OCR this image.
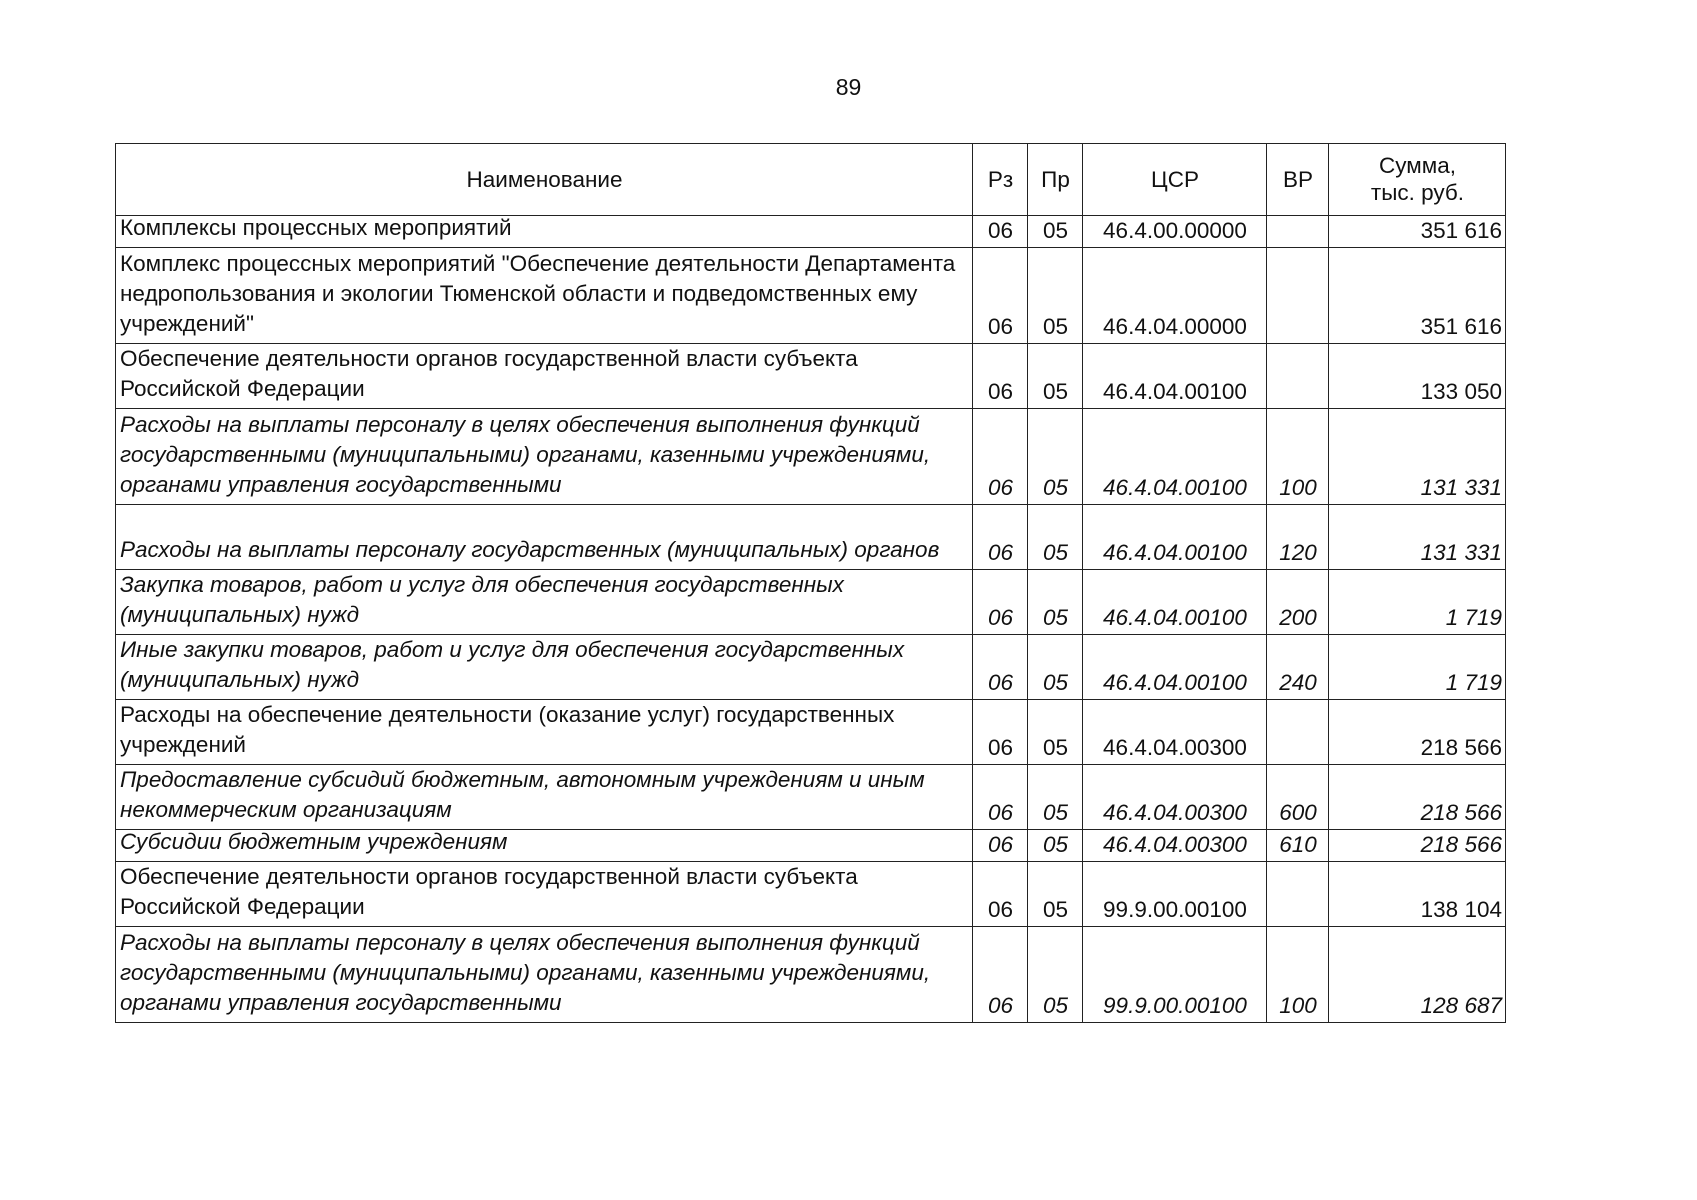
89
Наименование	Рз	Пр	ЦСР	ВР	Сумма,
тыс. руб.

Комплексы процессных мероприятий	06	05	46.4.00.00000		351 616

Комплекс процессных мероприятий "Обеспечение деятельности Департамента недропользования и экологии Тюменской области и подведомственных ему учреждений"	06	05	46.4.04.00000		351 616

Обеспечение деятельности органов государственной власти субъекта Российской Федерации	06	05	46.4.04.00100		133 050

Расходы на выплаты персоналу в целях обеспечения выполнения функций государственными (муниципальными) органами, казенными учреждениями, органами управления государственными	06	05	46.4.04.00100	100	131 331

Расходы на выплаты персоналу государственных (муниципальных) органов	06	05	46.4.04.00100	120	131 331

Закупка товаров, работ и услуг для обеспечения государственных (муниципальных) нужд	06	05	46.4.04.00100	200	1 719

Иные закупки товаров, работ и услуг для обеспечения государственных (муниципальных) нужд	06	05	46.4.04.00100	240	1 719

Расходы на обеспечение деятельности (оказание услуг) государственных учреждений	06	05	46.4.04.00300		218 566

Предоставление субсидий бюджетным, автономным учреждениям и иным некоммерческим организациям	06	05	46.4.04.00300	600	218 566

Субсидии бюджетным учреждениям	06	05	46.4.04.00300	610	218 566

Обеспечение деятельности органов государственной власти субъекта Российской Федерации	06	05	99.9.00.00100		138 104

Расходы на выплаты персоналу в целях обеспечения выполнения функций государственными (муниципальными) органами, казенными учреждениями, органами управления государственными	06	05	99.9.00.00100	100	128 687
